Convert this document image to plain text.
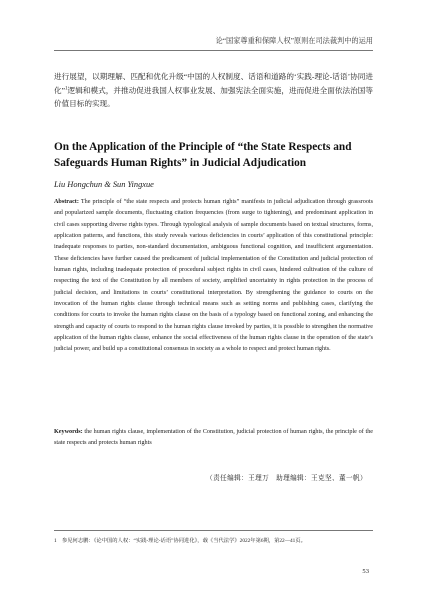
论“国家尊重和保障人权”原则在司法裁判中的运用

进行展望，以期理解、匹配和优化升级“中国的人权制度、话语和道路的‘实践-理论-话语’协同进化”$^1$逻辑和模式，并推动促进我国人权事业发展、加强宪法全面实施，进而促进全面依法治国等价值目标的实现。

On the Application of the Principle of “the State Respects and Safeguards Human Rights” in Judicial Adjudication

Liu Hongchun & Sun Yingxue

Abstract: The principle of “the state respects and protects human rights” manifests in judicial adjudication through grassroots and popularized sample documents, fluctuating citation frequencies (from surge to tightening), and predominant application in civil cases supporting diverse rights types. Through typological analysis of sample documents based on textual structures, forms, application patterns, and functions, this study reveals various deficiencies in courts’ application of this constitutional principle: inadequate responses to parties, non-standard documentation, ambiguous functional cognition, and insufficient argumentation. These deficiencies have further caused the predicament of judicial implementation of the Constitution and judicial protection of human rights, including inadequate protection of procedural subject rights in civil cases, hindered cultivation of the culture of respecting the text of the Constitution by all members of society, amplified uncertainty in rights protection in the process of judicial decision, and limitations in courts’ constitutional interpretation. By strengthening the guidance to courts on the invocation of the human rights clause through technical means such as setting norms and publishing cases, clarifying the conditions for courts to invoke the human rights clause on the basis of a typology based on functional zoning, and enhancing the strength and capacity of courts to respond to the human rights clause invoked by parties, it is possible to strengthen the normative application of the human rights clause, enhance the social effectiveness of the human rights clause in the operation of the state’s judicial power, and build up a constitutional consensus in society as a whole to respect and protect human rights.

Keywords: the human rights clause, implementation of the Constitution, judicial protection of human rights, the principle of the state respects and protects human rights

（责任编辑：王理万　助理编辑：王克坚、董一帆）
1　参见何志鹏：《论中国的人权：“实践-理论-话语”协同进化》，载《当代法学》2022年第6期，第22—41页。
53
